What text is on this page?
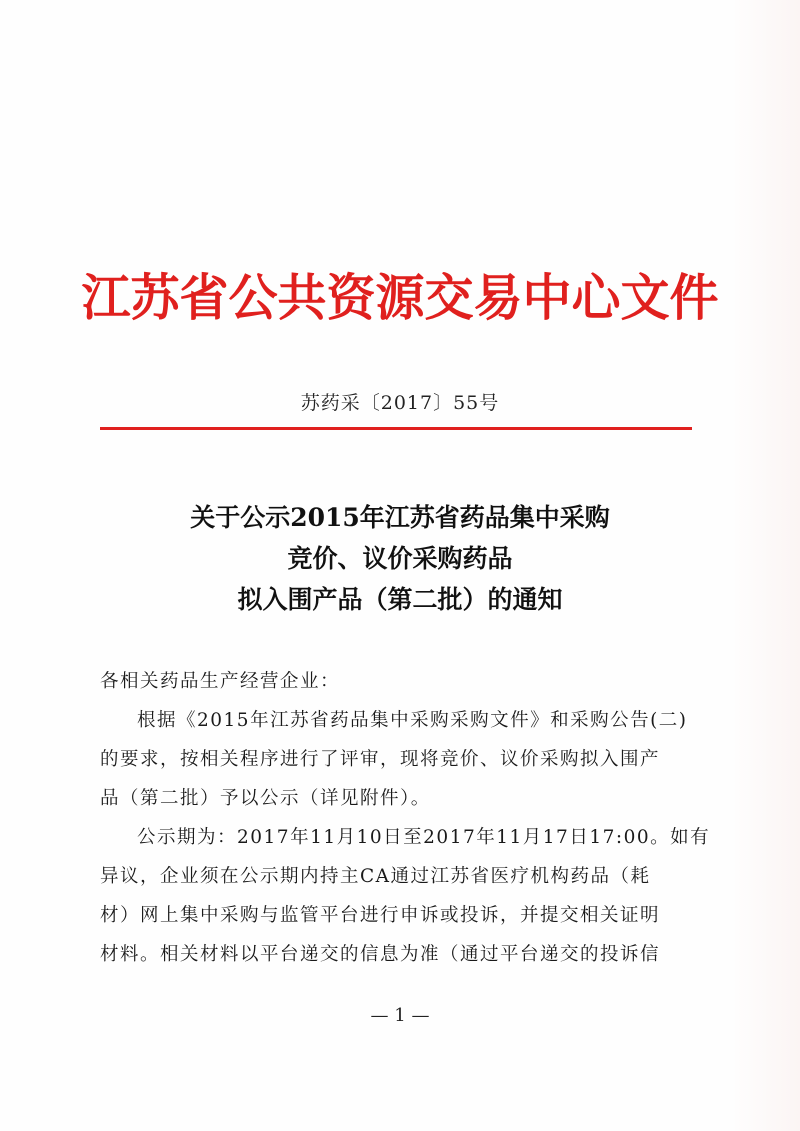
江苏省公共资源交易中心文件
苏药采〔2017〕55号
关于公示2015年江苏省药品集中采购
竞价、议价采购药品
拟入围产品（第二批）的通知

各相关药品生产经营企业：

根据《2015年江苏省药品集中采购采购文件》和采购公告(二)

的要求，按相关程序进行了评审，现将竞价、议价采购拟入围产

品（第二批）予以公示（详见附件）。

公示期为：2017年11月10日至2017年11月17日17:00。如有

异议，企业须在公示期内持主CA通过江苏省医疗机构药品（耗

材）网上集中采购与监管平台进行申诉或投诉，并提交相关证明

材料。相关材料以平台递交的信息为准（通过平台递交的投诉信

— 1 —
